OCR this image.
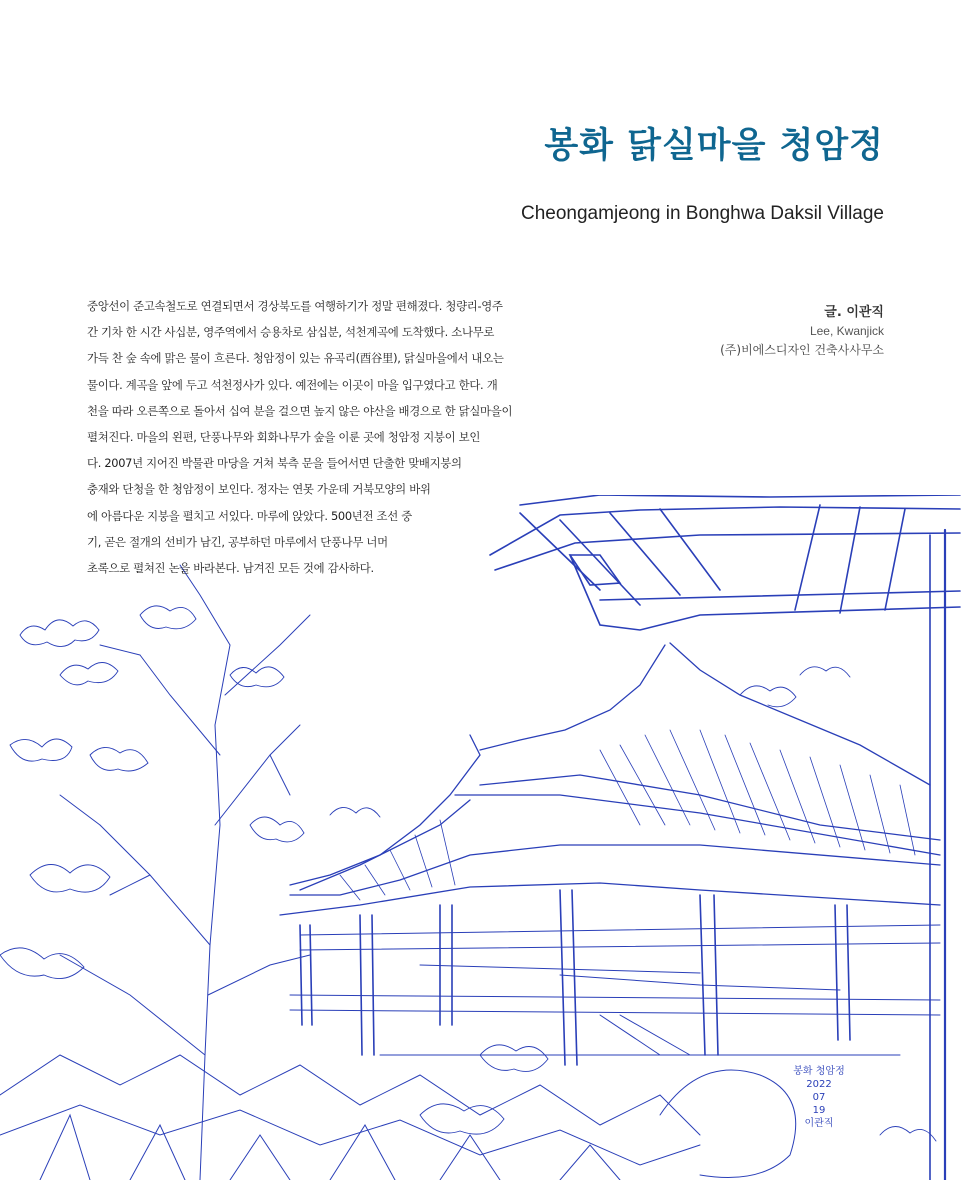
봉화 닭실마을 청암정
Cheongamjeong in Bonghwa Daksil Village
글. 이관직
Lee, Kwanjick
(주)비에스디자인 건축사사무소
봉화 청암정
2022
07
19
이관직
중앙선이 준고속철도로 연결되면서 경상북도를 여행하기가 정말 편해졌다. 청량리-영주
간 기차 한 시간 사십분, 영주역에서 승용차로 삼십분, 석천계곡에 도착했다. 소나무로
가득 찬 숲 속에 맑은 물이 흐른다. 청암정이 있는 유곡리(酉谷里), 닭실마을에서 내오는
물이다. 계곡을 앞에 두고 석천정사가 있다. 예전에는 이곳이 마을 입구였다고 한다. 개
천을 따라 오른쪽으로 돌아서 십여 분을 걸으면 높지 않은 야산을 배경으로 한 닭실마을이
펼쳐진다. 마을의 왼편, 단풍나무와 회화나무가 숲을 이룬 곳에 청암정 지붕이 보인
다. 2007년 지어진 박물관 마당을 거쳐 북측 문을 들어서면 단출한 맞배지붕의
충재와 단청을 한 청암정이 보인다. 정자는 연못 가운데 거북모양의 바위
에 아름다운 지붕을 펼치고 서있다. 마루에 앉았다. 500년전 조선 중
기, 곧은 절개의 선비가 남긴, 공부하던 마루에서 단풍나무 너머
초록으로 펼쳐진 논을 바라본다. 남겨진 모든 것에 감사하다.
